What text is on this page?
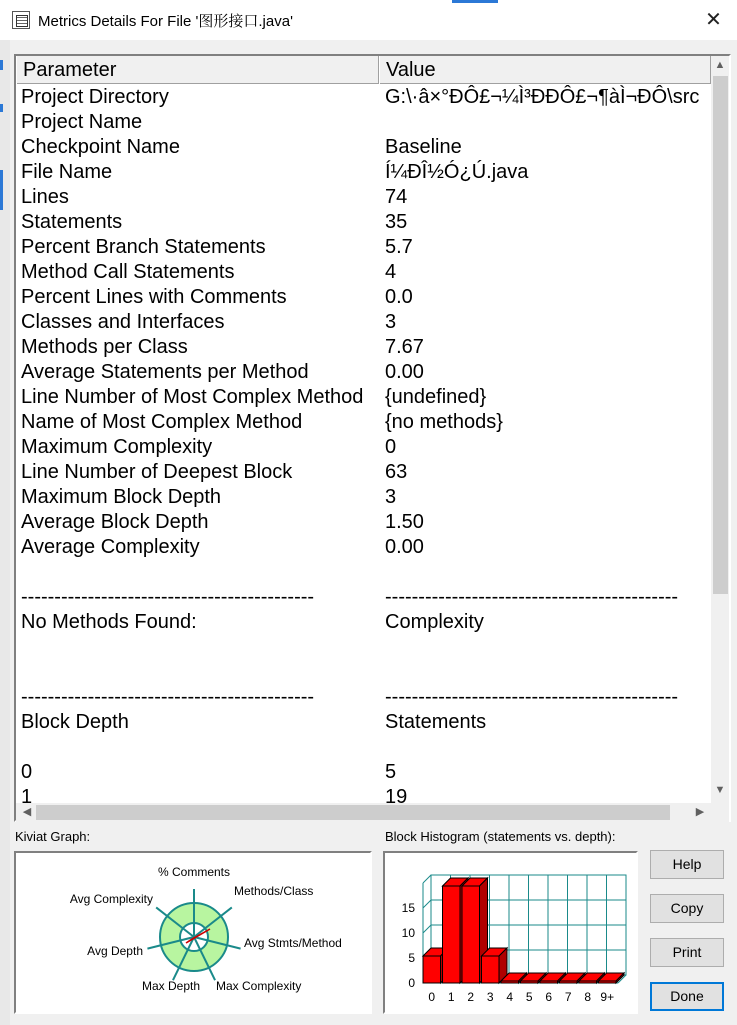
Metrics Details For File '图形接口.java'	✕
Parameter	Value
Project Directory	G:\·â×°ÐÔ£¬¼Ì³ÐÐÔ£¬¶àÌ¬ÐÔ\src
Project Name
Checkpoint Name	Baseline
File Name	Í¼ÐÎ½Ó¿Ú.java
Lines	74
Statements	35
Percent Branch Statements	5.7
Method Call Statements	4
Percent Lines with Comments	0.0
Classes and Interfaces	3
Methods per Class	7.67
Average Statements per Method	0.00
Line Number of Most Complex Method {undefined}
Name of Most Complex Method	{no methods}
Maximum Complexity	0
Line Number of Deepest Block	63
Maximum Block Depth	3
Average Block Depth	1.50
Average Complexity	0.00
--------------------------------------------	--------------------------------------------
No Methods Found:	Complexity
--------------------------------------------	--------------------------------------------
Block Depth	Statements
0	5
1	19
▲
▼
◀	▶
Kiviat Graph:	Block Histogram (statements vs. depth):
% Comments
Methods/Class
Avg Stmts/Method
Max Complexity
Max Depth
Avg Depth
Avg Complexity
0
5
10
15
0 1 2 3 4 5 6 7 8 9+
Help
Copy
Print
Done
